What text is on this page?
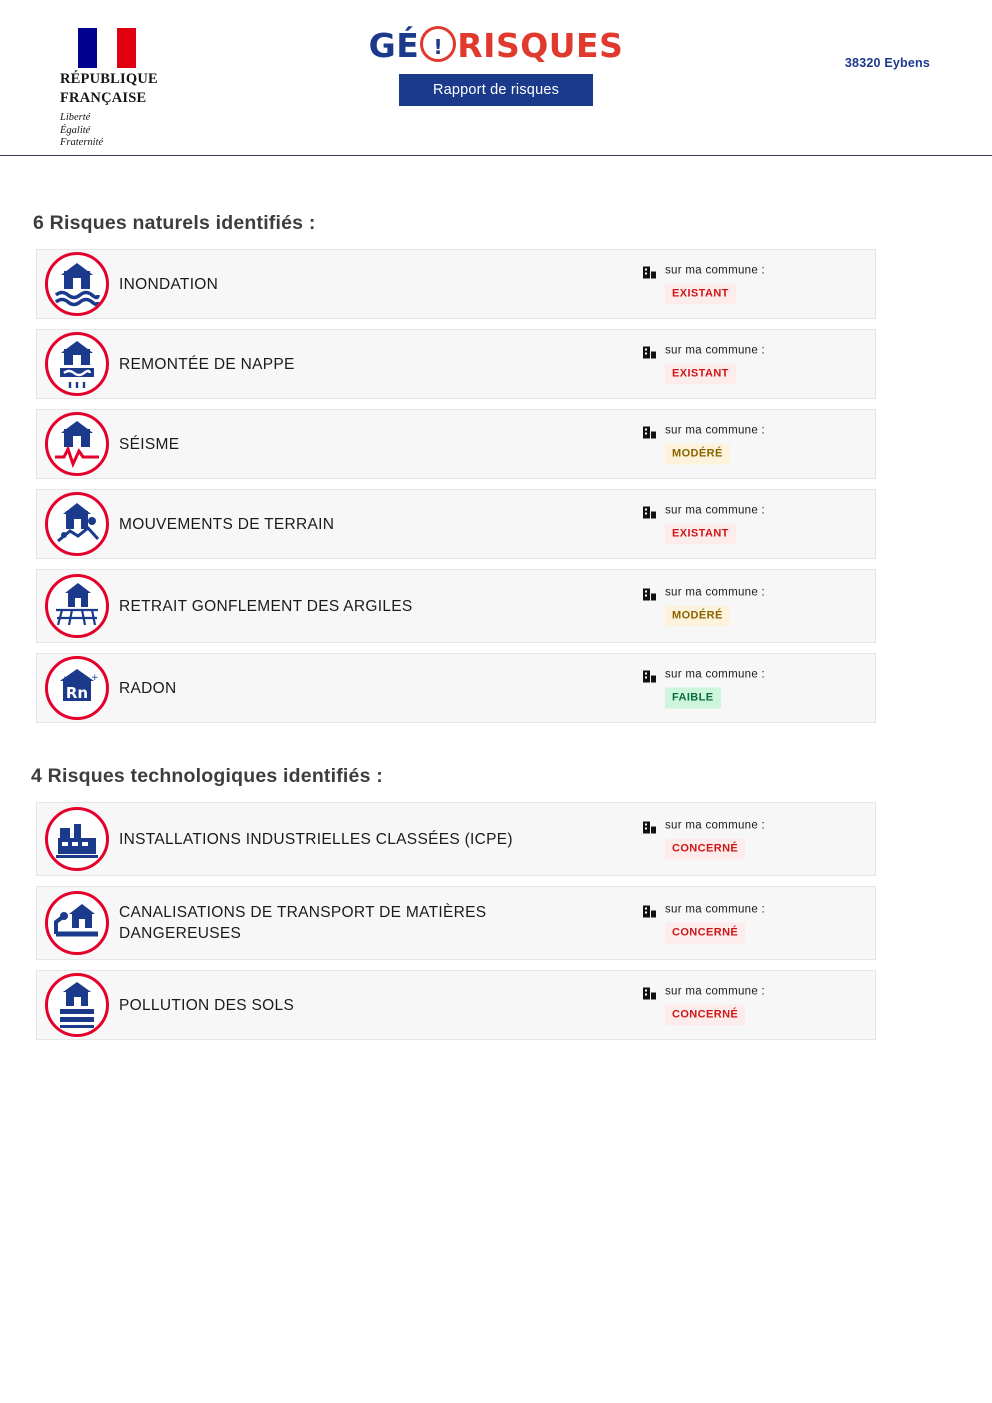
RÉPUBLIQUE
FRANÇAISE
Liberté
Égalité
Fraternité
GÉ ! RISQUES
Rapport de risques
38320 Eybens
6 Risques naturels identifiés :
INONDATION
sur ma commune :
EXISTANT
REMONTÉE DE NAPPE
sur ma commune :
EXISTANT
SÉISME
sur ma commune :
MODÉRÉ
MOUVEMENTS DE TERRAIN
sur ma commune :
EXISTANT
RETRAIT GONFLEMENT DES ARGILES
sur ma commune :
MODÉRÉ
Rn
+ +
RADON
sur ma commune :
FAIBLE
4 Risques technologiques identifiés :
INSTALLATIONS INDUSTRIELLES CLASSÉES (ICPE)
sur ma commune :
CONCERNÉ
CANALISATIONS DE TRANSPORT DE MATIÈRES DANGEREUSES
sur ma commune :
CONCERNÉ
POLLUTION DES SOLS
sur ma commune :
CONCERNÉ
